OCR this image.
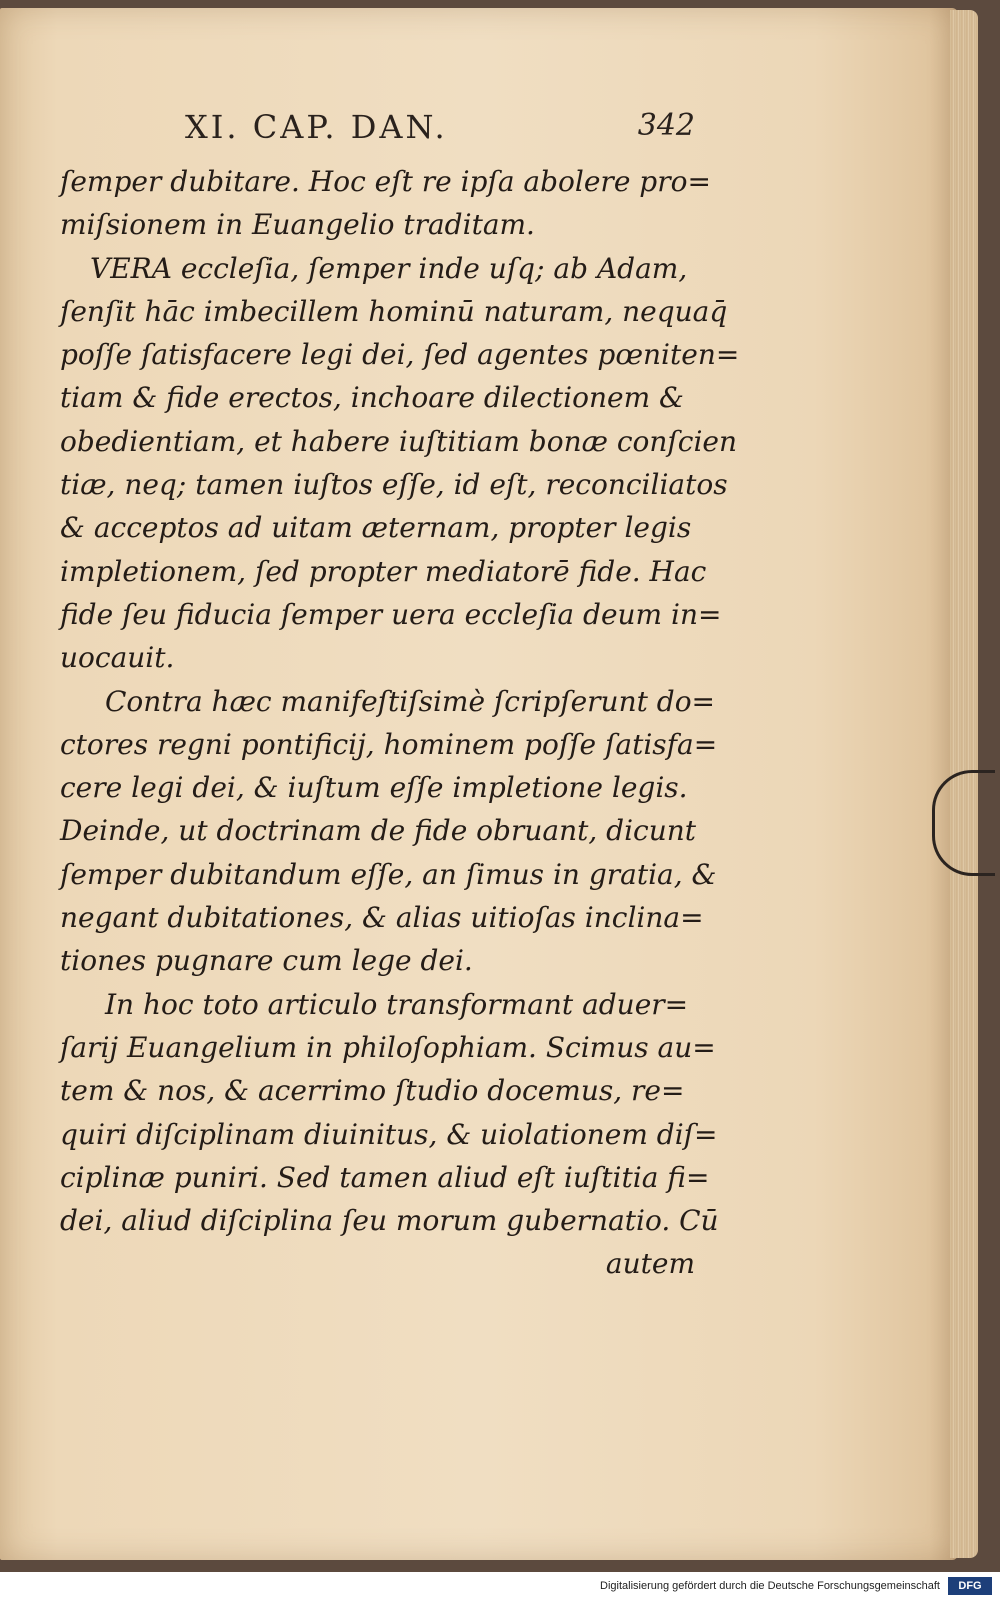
XI. CAP. DAN.	342
ſemper dubitare. Hoc eſt re ipſa abolere pro=
miſsionem in Euangelio traditam.
VERA eccleſia, ſemper inde uſq; ab Adam,
ſenſit hāc imbecillem hominū naturam, nequaq̄
poſſe ſatisfacere legi dei, ſed agentes pœniten=
tiam & fide erectos, inchoare dilectionem &
obedientiam, et habere iuſtitiam bonæ conſcien
tiæ, neq; tamen iuſtos eſſe, id eſt, reconciliatos
& acceptos ad uitam æternam, propter legis
impletionem, ſed propter mediatorē fide. Hac
fide ſeu fiducia ſemper uera eccleſia deum in=
uocauit.
Contra hæc manifeſtiſsimè ſcripſerunt do=
ctores regni pontificij, hominem poſſe ſatisfa=
cere legi dei, & iuſtum eſſe impletione legis.
Deinde, ut doctrinam de fide obruant, dicunt
ſemper dubitandum eſſe, an ſimus in gratia, &
negant dubitationes, & alias uitioſas inclina=
tiones pugnare cum lege dei.
In hoc toto articulo transformant aduer=
ſarij Euangelium in philoſophiam. Scimus au=
tem & nos, & acerrimo ſtudio docemus, re=
quiri diſciplinam diuinitus, & uiolationem diſ=
ciplinæ puniri. Sed tamen aliud eſt iuſtitia fi=
dei, aliud diſciplina ſeu morum gubernatio. Cū
autem
Digitalisierung gefördert durch die Deutsche Forschungsgemeinschaft	DFG
